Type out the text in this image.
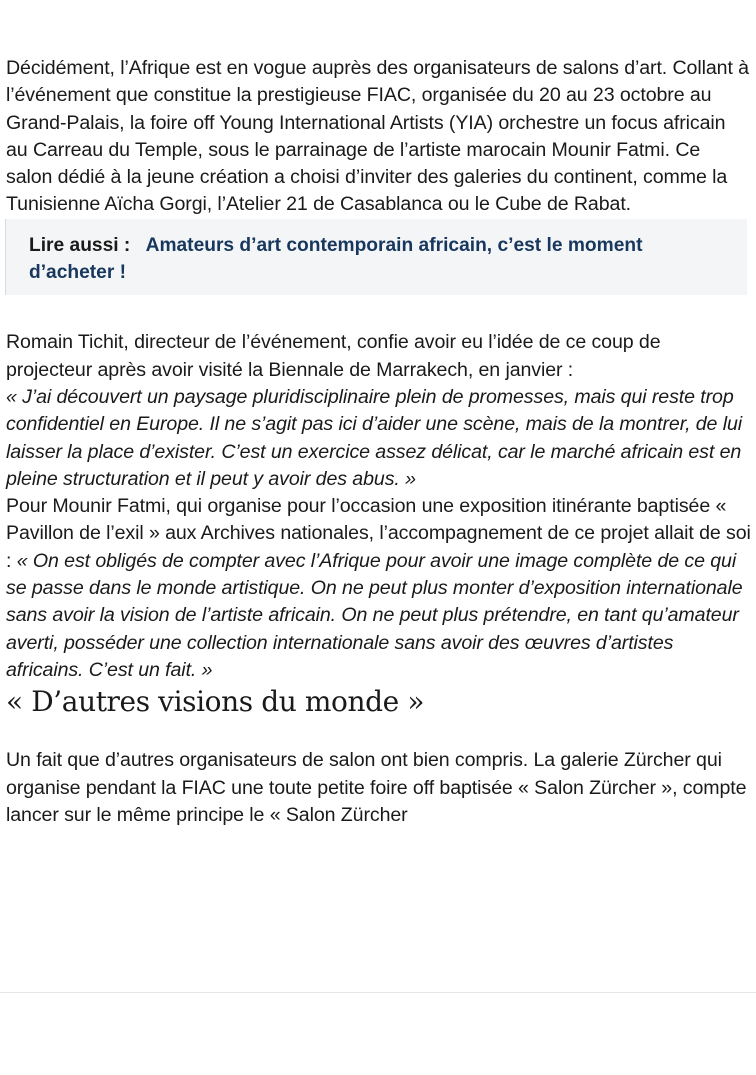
Décidément, l’Afrique est en vogue auprès des organisateurs de salons d’art. Collant à l’événement que constitue la prestigieuse FIAC, organisée du 20 au 23 octobre au Grand-Palais, la foire off Young International Artists (YIA) orchestre un focus africain au Carreau du Temple, sous le parrainage de l’artiste marocain Mounir Fatmi. Ce salon dédié à la jeune création a choisi d’inviter des galeries du continent, comme la Tunisienne Aïcha Gorgi, l’Atelier 21 de Casablanca ou le Cube de Rabat.

Lire aussi : Amateurs d’art contemporain africain, c’est le moment d’acheter !

Romain Tichit, directeur de l’événement, confie avoir eu l’idée de ce coup de projecteur après avoir visité la Biennale de Marrakech, en janvier :
« J’ai découvert un paysage pluridisciplinaire plein de promesses, mais qui reste trop confidentiel en Europe. Il ne s’agit pas ici d’aider une scène, mais de la montrer, de lui laisser la place d’exister. C’est un exercice assez délicat, car le marché africain est en pleine structuration et il peut y avoir des abus. »

Pour Mounir Fatmi, qui organise pour l’occasion une exposition itinérante baptisée « Pavillon de l’exil » aux Archives nationales, l’accompagnement de ce projet allait de soi : « On est obligés de compter avec l’Afrique pour avoir une image complète de ce qui se passe dans le monde artistique. On ne peut plus monter d’exposition internationale sans avoir la vision de l’artiste africain. On ne peut plus prétendre, en tant qu’amateur averti, posséder une collection internationale sans avoir des œuvres d’artistes africains. C’est un fait. »

« D’autres visions du monde »

Un fait que d’autres organisateurs de salon ont bien compris. La galerie Zürcher qui organise pendant la FIAC une toute petite foire off baptisée « Salon Zürcher », compte lancer sur le même principe le « Salon Zürcher
